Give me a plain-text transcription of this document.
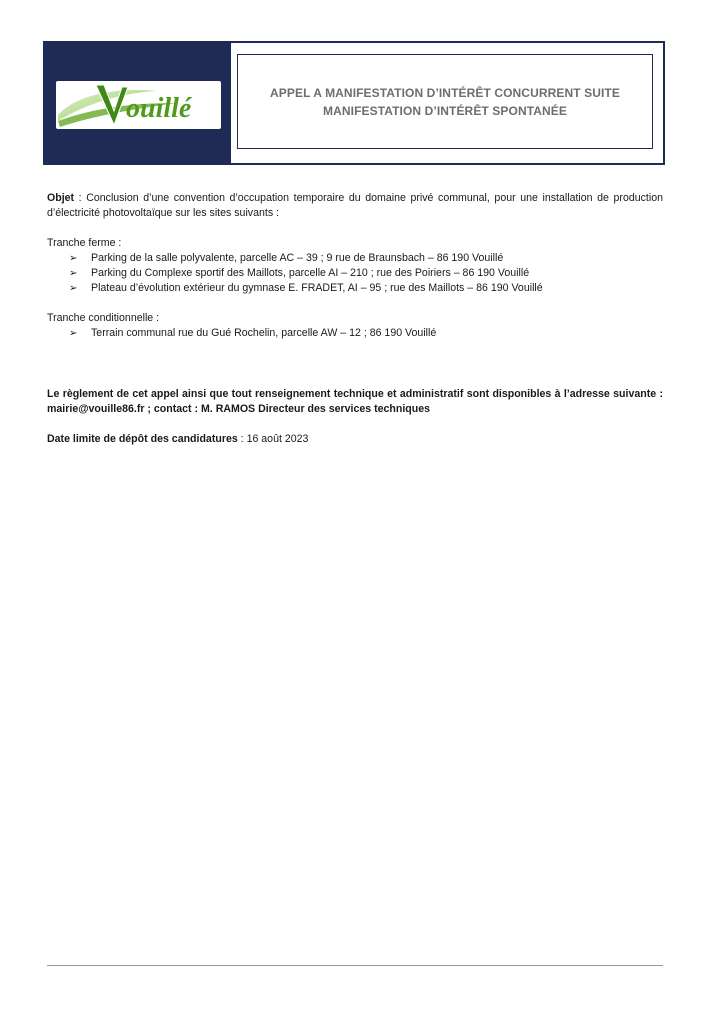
ouillé
APPEL A MANIFESTATION D’INTÉRÊT CONCURRENT SUITE
MANIFESTATION D’INTÉRÊT SPONTANÉE
Objet : Conclusion d’une convention d’occupation temporaire du domaine privé communal, pour une installation de production d’électricité photovoltaïque sur les sites suivants :
Tranche ferme :
➢ Parking de la salle polyvalente, parcelle AC – 39 ; 9 rue de Braunsbach – 86 190 Vouillé
➢ Parking du Complexe sportif des Maillots, parcelle AI – 210 ; rue des Poiriers – 86 190 Vouillé
➢ Plateau d’évolution extérieur du gymnase E. FRADET, AI – 95 ; rue des Maillots – 86 190 Vouillé
Tranche conditionnelle :
➢ Terrain communal rue du Gué Rochelin, parcelle AW – 12 ; 86 190 Vouillé
Le règlement de cet appel ainsi que tout renseignement technique et administratif sont disponibles à l’adresse suivante : mairie@vouille86.fr ; contact : M. RAMOS Directeur des services techniques
Date limite de dépôt des candidatures : 16 août 2023
